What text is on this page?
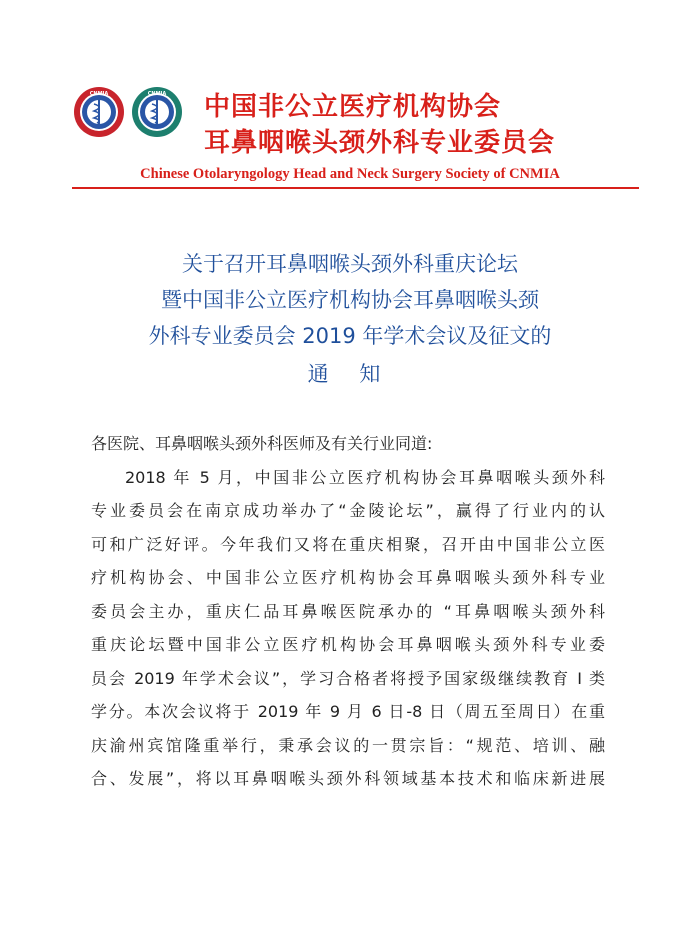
CNMIA	CNMIA 中国非公立医疗机构协会
耳鼻咽喉头颈外科专业委员会
Chinese Otolaryngology Head and Neck Surgery Society of CNMIA
关于召开耳鼻咽喉头颈外科重庆论坛
暨中国非公立医疗机构协会耳鼻咽喉头颈
外科专业委员会 2019 年学术会议及征文的
通 知
各医院、耳鼻咽喉头颈外科医师及有关行业同道:
2018 年 5 月，中国非公立医疗机构协会耳鼻咽喉头颈外科
专业委员会在南京成功举办了“金陵论坛”，赢得了行业内的认
可和广泛好评。今年我们又将在重庆相聚，召开由中国非公立医
疗机构协会、中国非公立医疗机构协会耳鼻咽喉头颈外科专业
委员会主办，重庆仁品耳鼻喉医院承办的 “耳鼻咽喉头颈外科
重庆论坛暨中国非公立医疗机构协会耳鼻咽喉头颈外科专业委
员会 2019 年学术会议”，学习合格者将授予国家级继续教育 I 类
学分。本次会议将于 2019 年 9 月 6 日-8 日（周五至周日）在重
庆渝州宾馆隆重举行，秉承会议的一贯宗旨：“规范、培训、融
合、发展”，将以耳鼻咽喉头颈外科领域基本技术和临床新进展
